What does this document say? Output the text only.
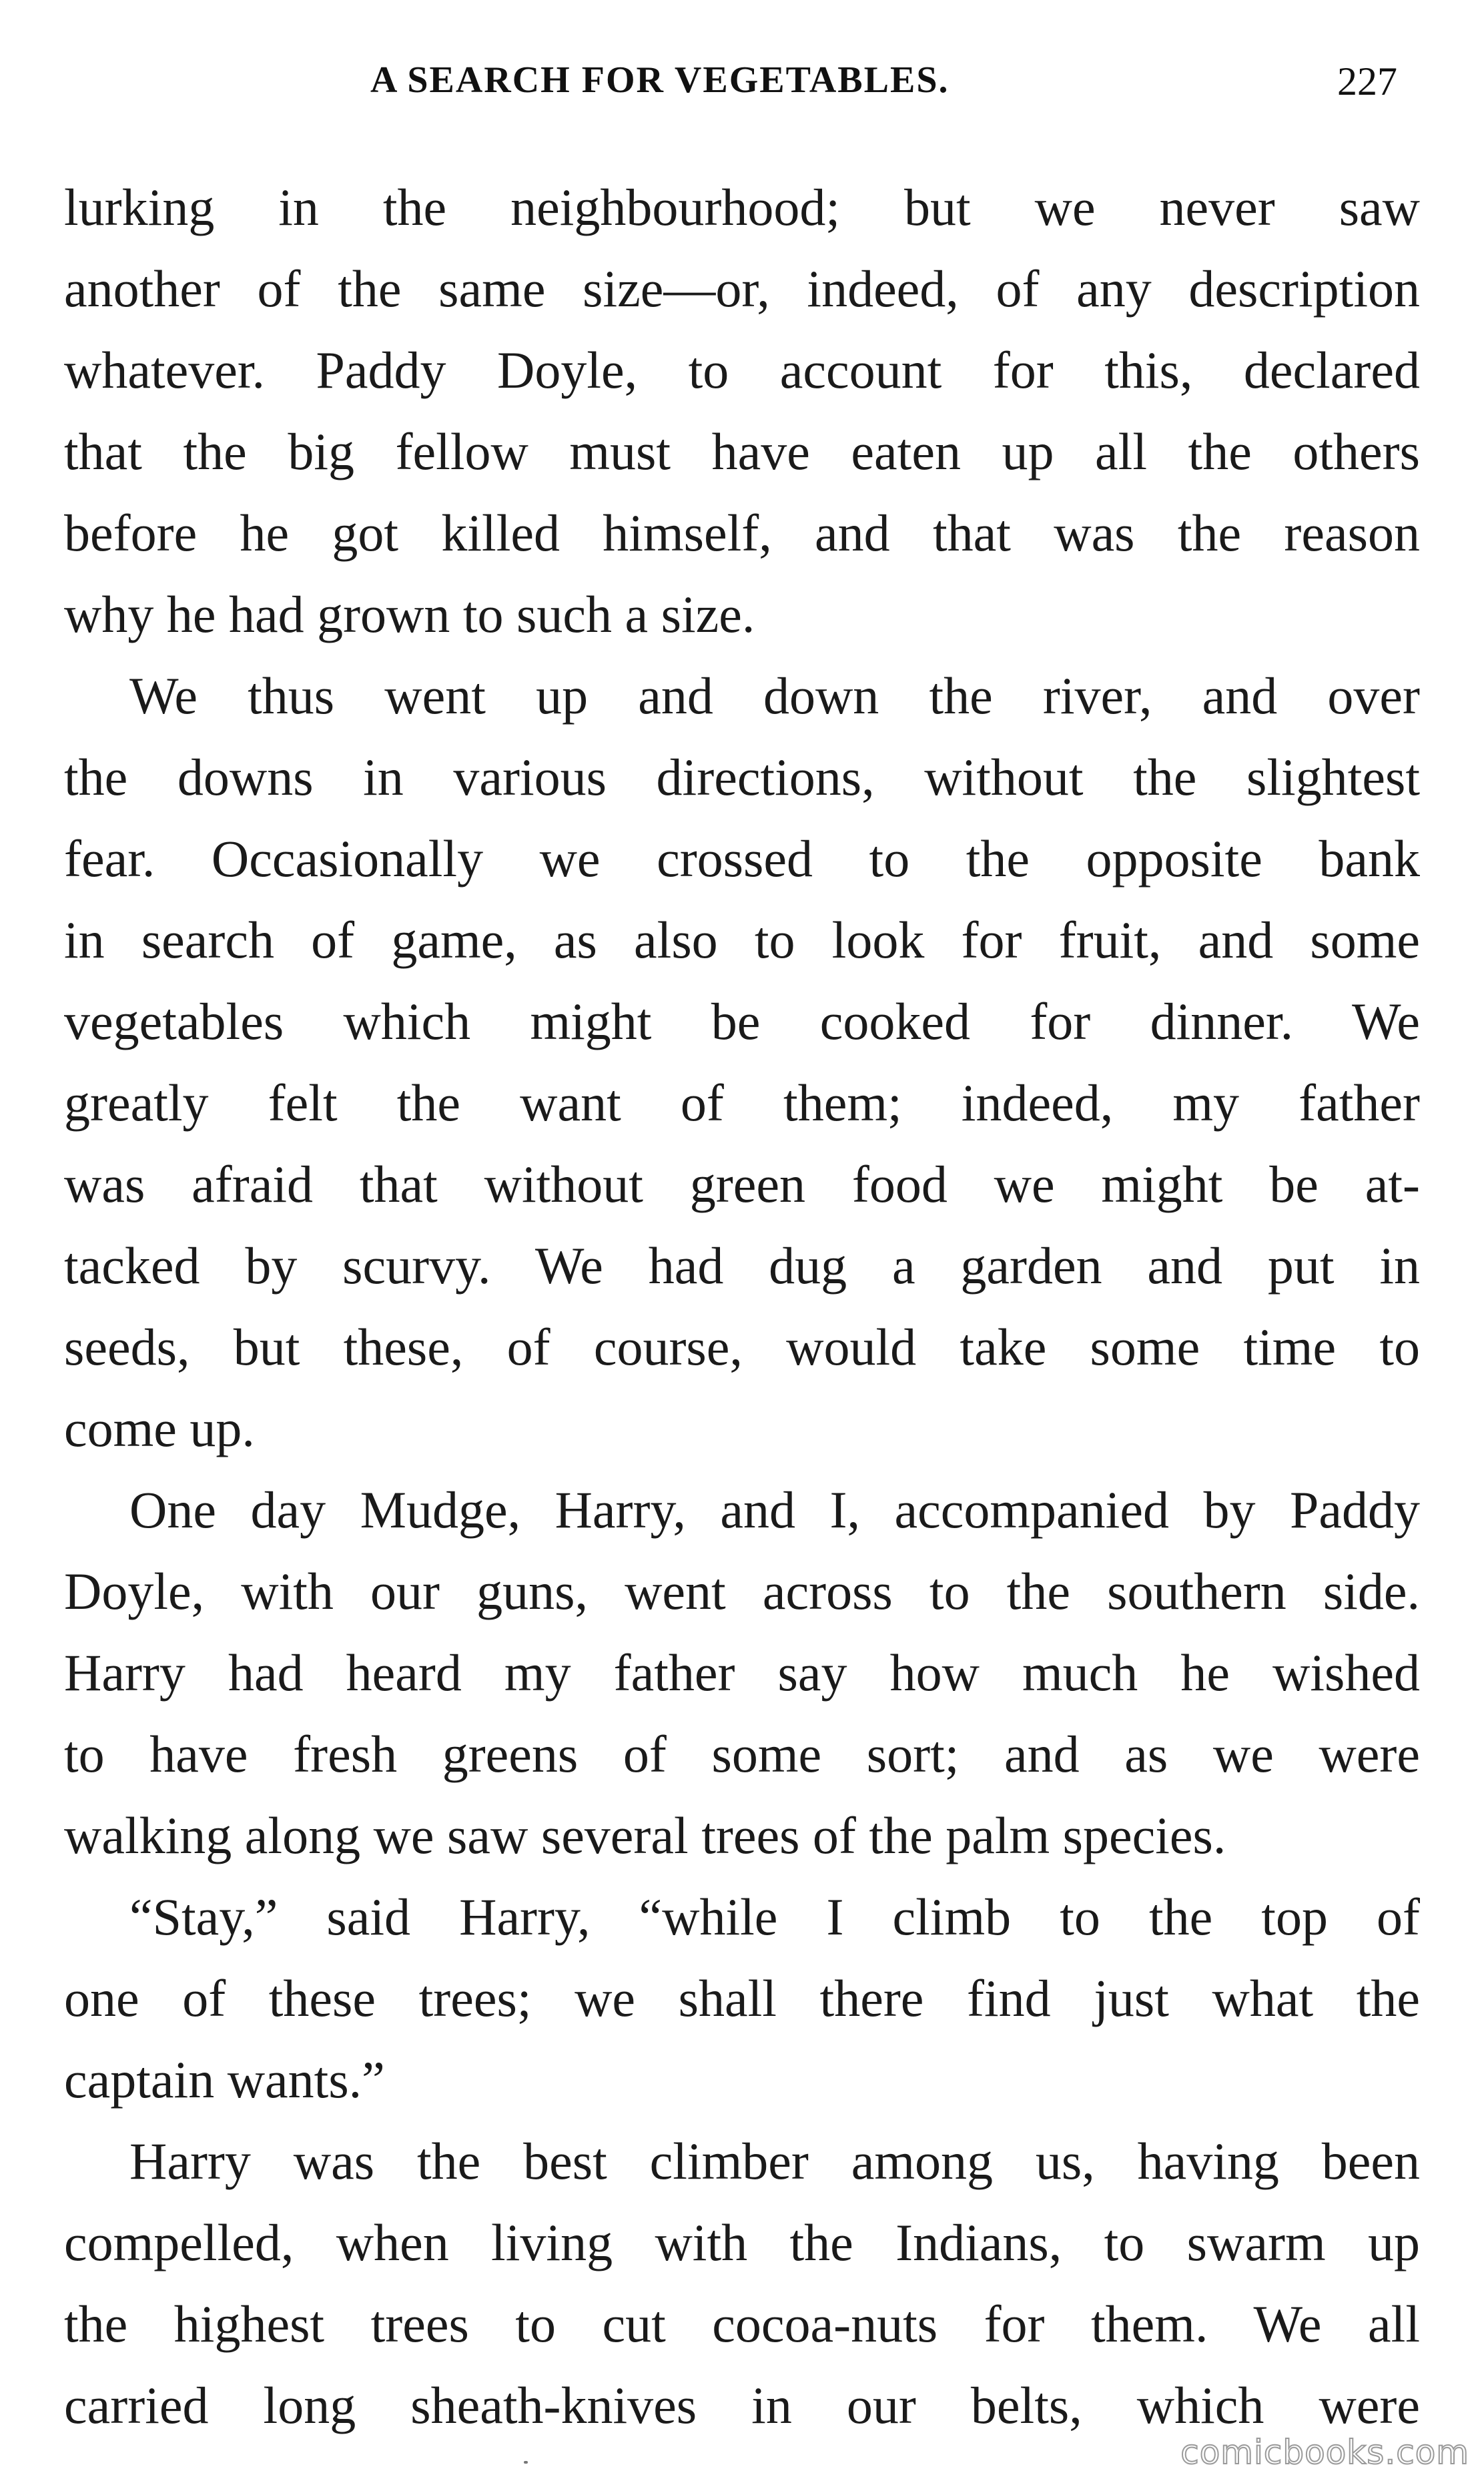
A SEARCH FOR VEGETABLES.	227
lurking in the neighbourhood; but we never saw
another of the same size—or, indeed, of any description
whatever. Paddy Doyle, to account for this, declared
that the big fellow must have eaten up all the others
before he got killed himself, and that was the reason
why he had grown to such a size.
We thus went up and down the river, and over
the downs in various directions, without the slightest
fear. Occasionally we crossed to the opposite bank
in search of game, as also to look for fruit, and some
vegetables which might be cooked for dinner. We
greatly felt the want of them; indeed, my father
was afraid that without green food we might be at-
tacked by scurvy. We had dug a garden and put in
seeds, but these, of course, would take some time to
come up.
One day Mudge, Harry, and I, accompanied by Paddy
Doyle, with our guns, went across to the southern side.
Harry had heard my father say how much he wished
to have fresh greens of some sort; and as we were
walking along we saw several trees of the palm species.
“Stay,” said Harry, “while I climb to the top of
one of these trees; we shall there find just what the
captain wants.”
Harry was the best climber among us, having been
compelled, when living with the Indians, to swarm up
the highest trees to cut cocoa-nuts for them. We all
carried long sheath-knives in our belts, which were
comicbooks.com
